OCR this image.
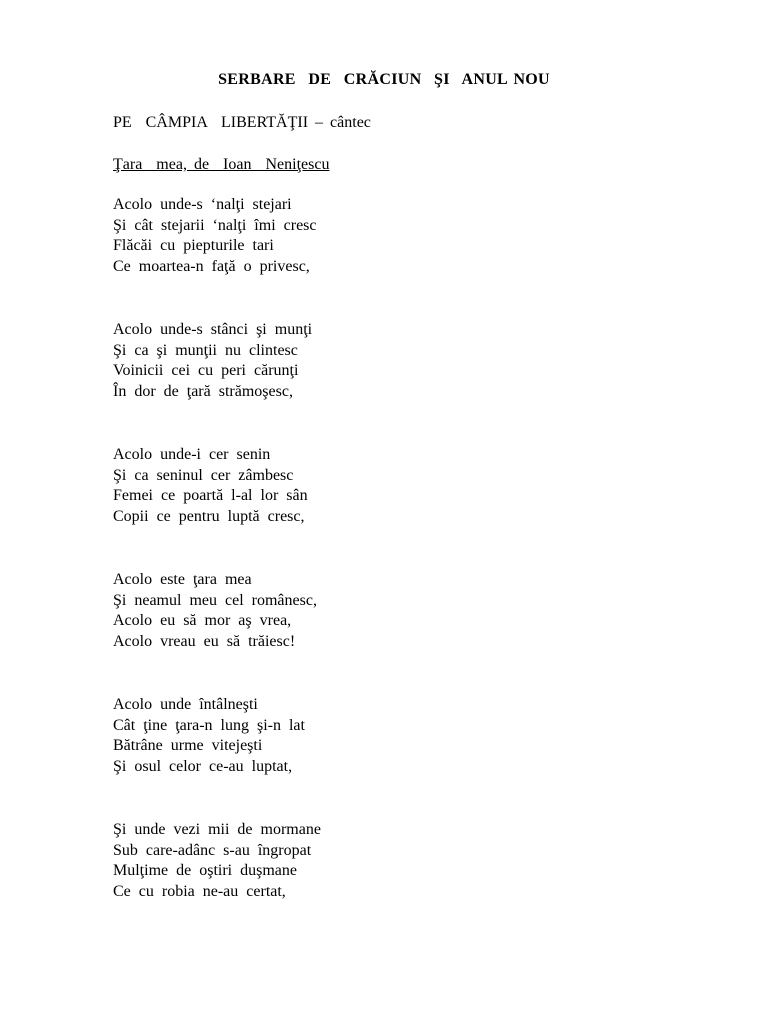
SERBARE  DE  CRĂCIUN  ŞI  ANUL NOU
PE  CÂMPIA  LIBERTĂŢII – cântec
Ţara  mea, de  Ioan  Neniţescu
Acolo unde-s ‘nalţi stejari
Şi cât stejarii ‘nalţi îmi cresc
Flăcăi cu piepturile tari
Ce moartea-n faţă o privesc,
Acolo unde-s stânci şi munţi
Şi ca şi munţii nu clintesc
Voinicii cei cu peri cărunţi
În dor de ţară strămoşesc,
Acolo unde-i cer senin
Şi ca seninul cer zâmbesc
Femei ce poartă l-al lor sân
Copii ce pentru luptă cresc,
Acolo este ţara mea
Şi neamul meu cel românesc,
Acolo eu să mor aş vrea,
Acolo vreau eu să trăiesc!
Acolo unde întâlneşti
Cât ţine ţara-n lung şi-n lat
Bătrâne urme vitejeşti
Şi osul celor ce-au luptat,
Şi unde vezi mii de mormane
Sub care-adânc s-au îngropat
Mulţime de oştiri duşmane
Ce cu robia ne-au certat,
